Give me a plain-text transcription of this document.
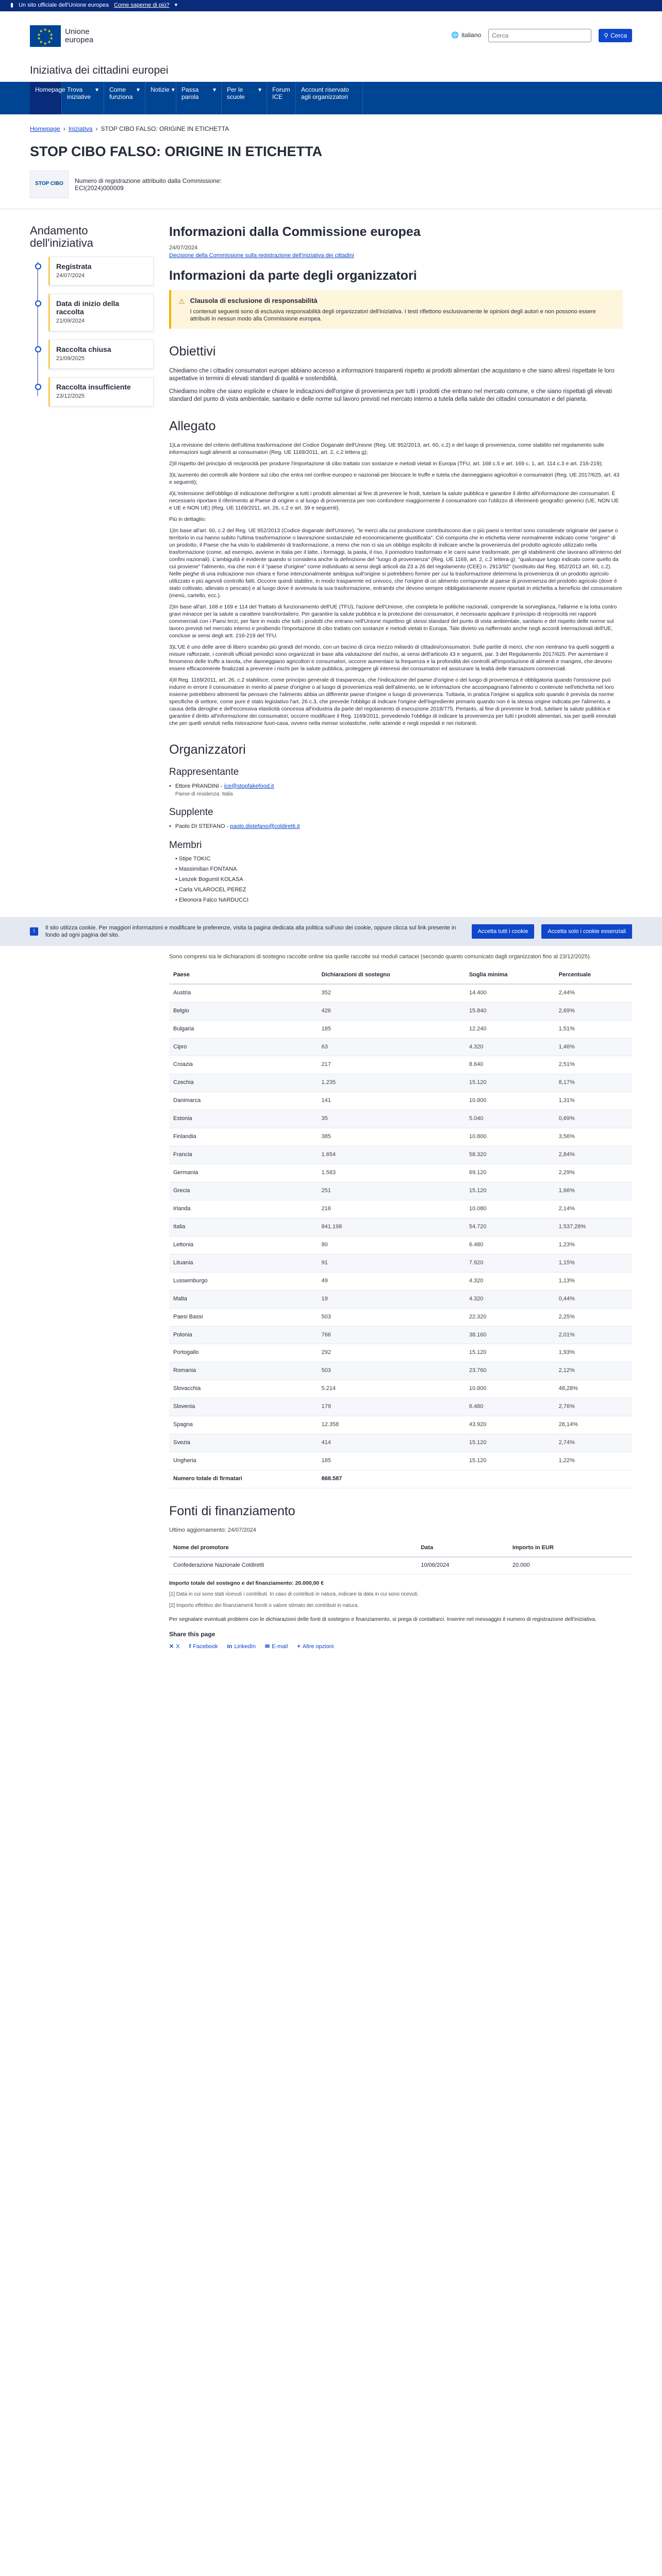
▮ Un sito ufficiale dell'Unione europea Come saperne di più? ▾
★ ★
★
★
★
★
★
★
★
★	Unione
europea
🌐 italiano
Cerca	⚲ Cerca
Iniziativa dei cittadini europei
Homepage Trova iniziative
▾ Come funziona
▾ Notizie ▾ Passa parola
▾ Per le scuole
▾ Forum ICE
Account riservato agli organizzatori
Homepage › Iniziativa › STOP CIBO FALSO: ORIGINE IN ETICHETTA
STOP CIBO FALSO: ORIGINE IN ETICHETTA
STOP CIBO	Numero di registrazione attribuito dalla Commissione:
ECI(2024)000009
Andamento dell'iniziativa
Registrata
24/07/2024
Data di inizio della raccolta
21/09/2024
Raccolta chiusa
21/09/2025
Raccolta insufficiente
23/12/2025
Informazioni dalla Commissione europea
24/07/2024
Decisione della Commissione sulla registrazione dell'iniziativa dei cittadini
Informazioni da parte degli organizzatori
⚠ Clausola di esclusione di responsabilità
I contenuti seguenti sono di esclusiva responsabilità degli organizzatori dell'iniziativa. I testi riflettono esclusivamente le opinioni degli autori e non possono essere attribuiti in nessun modo alla Commissione europea.
Obiettivi

Chiediamo che i cittadini consumatori europei abbiano accesso a informazioni trasparenti rispetto ai prodotti alimentari che acquistano e che siano altresì rispettate le loro aspettative in termini di elevati standard di qualità e sostenibilità.

Chiediamo inoltre che siano esplicite e chiare le indicazioni dell'origine di provenienza per tutti i prodotti che entrano nel mercato comune, e che siano rispettati gli elevati standard del punto di vista ambientale, sanitario e delle norme sul lavoro previsti nel mercato interno a tutela della salute dei cittadini consumatori e del pianeta.

Allegato

1)La revisione del criterio dell'ultima trasformazione del Codice Doganale dell'Unione (Reg. UE 952/2013, art. 60, c.2) e del luogo di provenienza, come stabilito nel regolamento sulle informazioni sugli alimenti ai consumatori (Reg. UE 1169/2011, art. 2, c.2 lettera g);

2)Il rispetto del principio di reciprocità per produrre l'importazione di cibo trattato con sostanze e metodi vietati in Europa (TFU, art. 168 c.5 e art. 169 c. 1, art. 114 c.3 e art. 216-219);

3)L'aumento dei controlli alle frontiere sul cibo che entra nel confine europeo e nazionali per bloccare le truffe e tutela che danneggiano agricoltori e consumatori (Reg. UE 2017/625, art. 43 e seguenti);

4)L'estensione dell'obbligo di indicazione dell'origine a tutti i prodotti alimentari al fine di prevenire le frodi, tutelare la salute pubblica e garantire il diritto all'informazione dei consumatori. È necessario riportare il riferimento al Paese di origine o al luogo di provenienza per non confondere maggiormente il consumatore con l'utilizzo di riferimenti geografici generici (UE, NON UE e UE e NON UE) (Reg. UE 1169/2011, art. 26, c.2 e art. 39 e seguenti).

Più in dettaglio:

1)In base all'art. 60, c.2 del Reg. UE 952/2013 (Codice doganale dell'Unione), "le merci alla cui produzione contribuiscono due o più paesi o territori sono considerate originarie del paese o territorio in cui hanno subito l'ultima trasformazione o lavorazione sostanziale ed economicamente giustificata". Ciò comporta che in etichetta viene normalmente indicato come "origine" di un prodotto, il Paese che ha visto lo stabilimento di trasformazione, a meno che non ci sia un obbligo esplicito di indicare anche la provenienza del prodotto agricolo utilizzato nella trasformazione (come, ad esempio, avviene in Italia per il latte, i formaggi, la pasta, il riso, il pomodoro trasformato e le carni suine trasformate, per gli stabilimenti che lavorano all'interno del confini nazionali). L'ambiguità è evidente quando si considera anche la definizione del "luogo di provenienza" (Reg. UE 1169, art. 2, c.2 lettera g): "qualunque luogo indicato come quello da cui proviene" l'alimento, ma che non è il "paese d'origine" come individuato ai sensi degli articoli da 23 a 26 del regolamento (CEE) n. 2913/92" (sostituito dal Reg. 952/2013 art. 60, c.2). Nelle pieghe di una indicazione non chiara e forse intenzionalmente ambigua sull'origine si potrebbero fornire per cui la trasformazione determina la provenienza di un prodotto agricolo utilizzato e più agevoli controllo fatti. Occorre quindi stabilire, in modo trasparente ed univoco, che l'origine di un alimento corrisponde al paese di provenienza del prodotto agricolo (dove è stato coltivato, allevato o pescato) e al luogo dove è avvenuta la sua trasformazione, entrambi che devono sempre obbligatoriamente essere riportati in etichetta a beneficio del consumatore (menù, cartello, ecc.).

2)In base all'art. 168 e 169 e 114 del Trattato di funzionamento dell'UE (TFU), l'azione dell'Unione, che completa le politiche nazionali, comprende la sorveglianza, l'allarme e la lotta contro gravi minacce per la salute a carattere transfrontaliero. Per garantire la salute pubblica e la protezione dei consumatori, è necessario applicare il principio di reciprocità nei rapporti commerciali con i Paesi terzi, per fare in modo che tutti i prodotti che entrano nell'Unione rispettino gli stessi standard del punto di vista ambientale, sanitario e del rispetto delle norme sul lavoro previsti nel mercato interno e proibendo l'importazione di cibo trattato con sostanze e metodi vietati in Europa. Tale divieto va riaffermato anche negli accordi internazionali dell'UE, concluse ai sensi degli artt. 216-219 del TFU.

3)L'UE è uno delle aree di libero scambio più grandi del mondo, con un bacino di circa mezzo miliardo di cittadini/consumatori. Sulle partite di merci, che non rientrano tra quelli soggetti a misure rafforzate, i controlli ufficiali periodici sono organizzati in base alla valutazione del rischio, ai sensi dell'articolo 43 e seguenti, par. 3 del Regolamento 2017/625. Per aumentare il fenomeno delle truffe a tavola, che danneggiano agricoltori e consumatori, occorre aumentare la frequenza e la profondità dei controlli all'importazione di alimenti e mangimi, che devono essere efficacemente finalizzati a prevenire i rischi per la salute pubblica, proteggere gli interessi dei consumatori ed assicurare la lealtà delle transazioni commerciali.

4)Il Reg. 1169/2011, art. 26, c.2 stabilisce, come principio generale di trasparenza, che l'indicazione del paese d'origine o del luogo di provenienza è obbligatoria quando l'omissione può indurre in errore il consumatore in merito al paese d'origine o al luogo di provenienza reali dell'alimento, se le informazioni che accompagnano l'alimento o contenute nell'etichetta nel loro insieme potrebbero altrimenti far pensare che l'alimento abbia un differente paese d'origine o luogo di provenienza. Tuttavia, in pratica l'origine si applica solo quando è prevista da norme specifiche di settore, come pure è stato legislativo l'art. 26 c.3, che prevede l'obbligo di indicare l'origine dell'ingrediente primario quando non è la stessa origine indicata per l'alimento, a causa della deroghe e dell'eccessiva elasticità concessa all'industria da parte del regolamento di esecuzione 2018/775. Pertanto, al fine di prevenire le frodi, tutelare la salute pubblica e garantire il diritto all'informazione dei consumatori, occorre modificare il Reg. 1169/2011, prevedendo l'obbligo di indicare la provenienza per tutti i prodotti alimentari, sia per quelli immulati che per quelli venduti nella ristorazione fuori-casa, ovvero nella mense scolastiche, nelle aziende e negli ospedali e nei ristoranti.

Organizzatori
Rappresentante
• Ettore PRANDINI - ice@stopfakefood.it
Paese di residenza: Italia
Supplente
• Paolo DI STEFANO - paolo.distefano@coldiretti.it
Membri
• Stipe TOKIC
• Massimilian FONTANA
• Leszek Bogumil KOLASA
• Carla VILAROCEL PEREZ
• Eleonora Falco NARDUCCI
i
Il sito utilizza cookie. Per maggiori informazioni e modificare le preferenze, visita la pagina dedicata alla politica sull'uso dei cookie, oppure clicca sul link presente in fondo ad ogni pagina del sito.
Accetta tutti i cookie	Accetta solo i cookie essenziali
Sono compresi sia le dichiarazioni di sostegno raccolte online sia quelle raccolte sui moduli cartacei (secondo quanto comunicato dagli organizzatori fino al 23/12/2025).
Paese	Dichiarazioni di sostegno	Soglia minima	Percentuale
Austria	352	14.400	2,44%
Belgio	426	15.840	2,69%
Bulgaria	185	12.240	1,51%
Cipro	63	4.320	1,46%
Croazia	217	8.640	2,51%
Czechia	1.235	15.120	8,17%
Danimarca	141	10.800	1,31%
Estonia	35	5.040	0,69%
Finlandia	385	10.800	3,56%
Francia	1.654	58.320	2,84%
Germania	1.583	69.120	2,29%
Grecia	251	15.120	1,66%
Irlanda	216	10.080	2,14%
Italia	841.198	54.720	1.537,28%
Lettonia	80	6.480	1,23%
Lituania	91	7.920	1,15%
Lussemburgo	49	4.320	1,13%
Malta	19	4.320	0,44%
Paesi Bassi	503	22.320	2,25%
Polonia	766	38.160	2,01%
Portogallo	292	15.120	1,93%
Romania	503	23.760	2,12%
Slovacchia	5.214	10.800	48,28%
Slovenia	179	6.480	2,76%
Spagna	12.358	43.920	28,14%
Svezia	414	15.120	2,74%
Ungheria	185	15.120	1,22%
Numero totale di firmatari	868.587		
Fonti di finanziamento
Ultimo aggiornamento: 24/07/2024
Nome del promotore	Data	Importo in EUR
Confederazione Nazionale Coldiretti	10/06/2024	20.000

Importo totale del sostegno e del finanziamento: 20.000,00 €

[1] Data in cui sono stati ricevuti i contributi. In caso di contributi in natura, indicare la data in cui sono ricevuti.

[2] Importo effettivo dei finanziamenti forniti o valore stimato dei contributi in natura.

Per segnalare eventuali problemi con le dichiarazioni delle fonti di sostegno e finanziamento, si prega di contattarci. Inserire nel messaggio il numero di registrazione dell'iniziativa.

Share this page
✕ X f Facebook in LinkedIn ✉ E-mail + Altre opzioni
